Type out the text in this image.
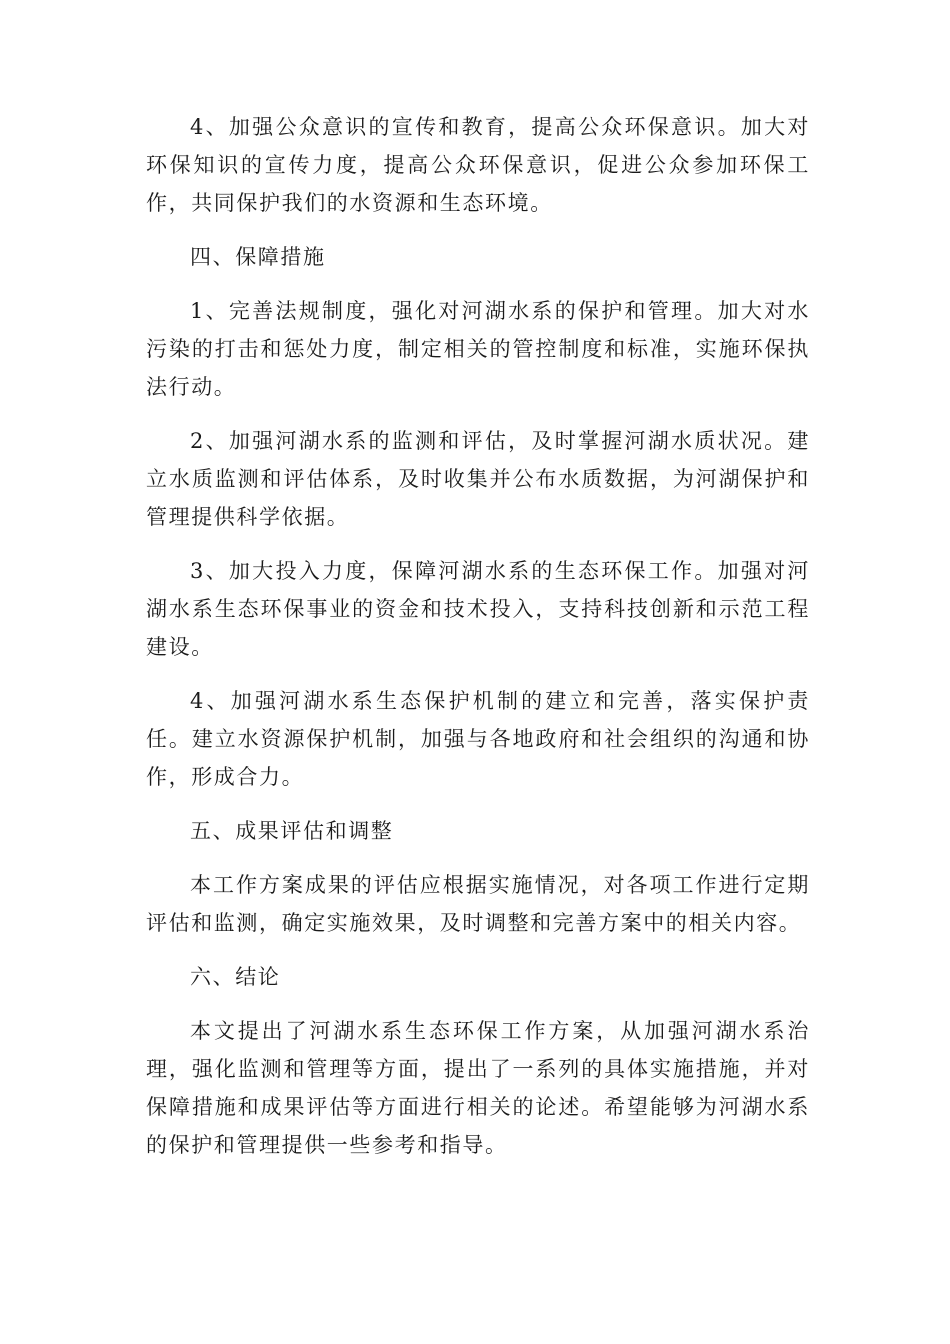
4、加强公众意识的宣传和教育，提高公众环保意识。加大对环保知识的宣传力度，提高公众环保意识，促进公众参加环保工作，共同保护我们的水资源和生态环境。

四、保障措施

1、完善法规制度，强化对河湖水系的保护和管理。加大对水污染的打击和惩处力度，制定相关的管控制度和标准，实施环保执法行动。

2、加强河湖水系的监测和评估，及时掌握河湖水质状况。建立水质监测和评估体系，及时收集并公布水质数据，为河湖保护和管理提供科学依据。

3、加大投入力度，保障河湖水系的生态环保工作。加强对河湖水系生态环保事业的资金和技术投入，支持科技创新和示范工程建设。

4、加强河湖水系生态保护机制的建立和完善，落实保护责任。建立水资源保护机制，加强与各地政府和社会组织的沟通和协作，形成合力。

五、成果评估和调整

本工作方案成果的评估应根据实施情况，对各项工作进行定期评估和监测，确定实施效果，及时调整和完善方案中的相关内容。

六、结论

本文提出了河湖水系生态环保工作方案，从加强河湖水系治理，强化监测和管理等方面，提出了一系列的具体实施措施，并对保障措施和成果评估等方面进行相关的论述。希望能够为河湖水系的保护和管理提供一些参考和指导。
